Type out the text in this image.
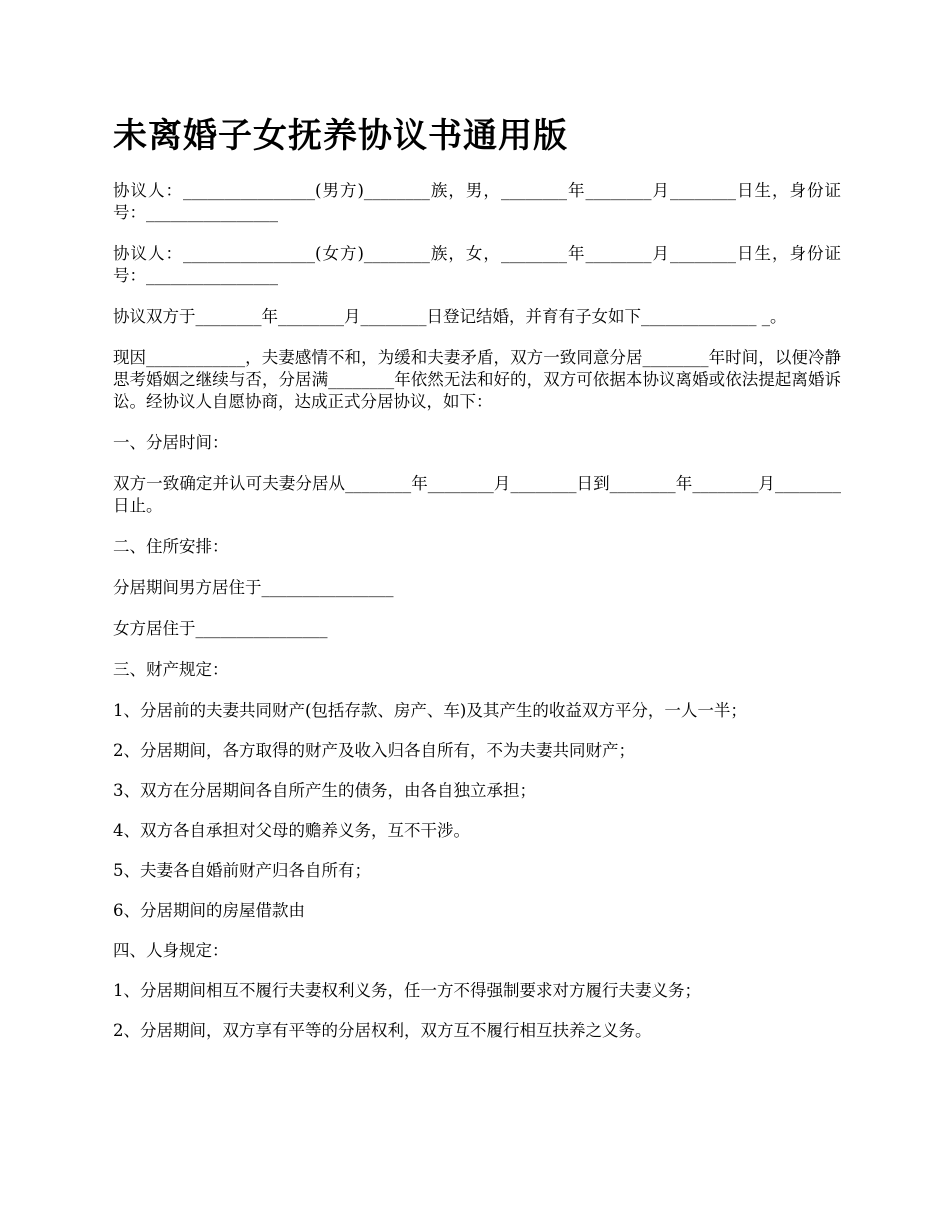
未离婚子女抚养协议书通用版

协议人：________________(男方)________族，男，________年________月________日生，身份证号：________________

协议人：________________(女方)________族，女，________年________月________日生，身份证号：________________

协议双方于________年________月________日登记结婚，并育有子女如下______________ _。

现因____________，夫妻感情不和，为缓和夫妻矛盾，双方一致同意分居________年时间，以便冷静思考婚姻之继续与否，分居满________年依然无法和好的，双方可依据本协议离婚或依法提起离婚诉讼。经协议人自愿协商，达成正式分居协议，如下：

一、分居时间：

双方一致确定并认可夫妻分居从________年________月________日到________年________月________日止。

二、住所安排：

分居期间男方居住于________________

女方居住于________________

三、财产规定：

1、分居前的夫妻共同财产(包括存款、房产、车)及其产生的收益双方平分，一人一半；

2、分居期间，各方取得的财产及收入归各自所有，不为夫妻共同财产；

3、双方在分居期间各自所产生的债务，由各自独立承担；

4、双方各自承担对父母的赡养义务，互不干涉。

5、夫妻各自婚前财产归各自所有；

6、分居期间的房屋借款由

四、人身规定：

1、分居期间相互不履行夫妻权利义务，任一方不得强制要求对方履行夫妻义务；

2、分居期间，双方享有平等的分居权利，双方互不履行相互扶养之义务。
